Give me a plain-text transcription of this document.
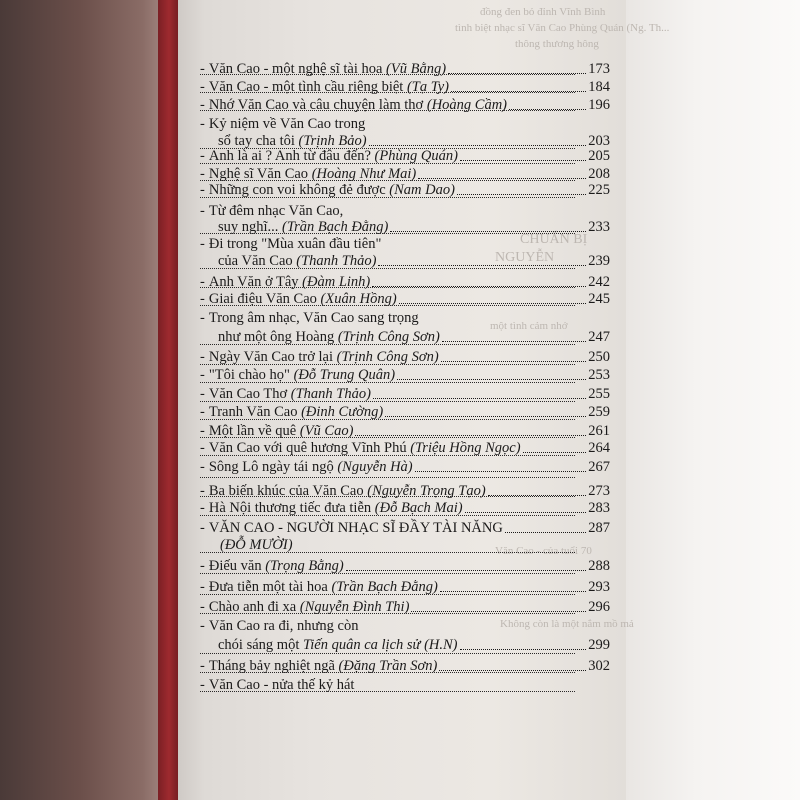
đồng đen bỏ đỉnh Vĩnh Bình
tình biệt nhạc sĩ Văn Cao Phùng Quán (Ng. Th...
thông thương hông
CHUẨN BỊ
NGUYỄN
một tình cảm nhớ
Văn Cao - của tuổi 70
Không còn là một nắm mồ mả
- Văn Cao - một nghệ sĩ tài hoa (Vũ Bằng)	173
- Văn Cao - một tình cầu riêng biệt (Tạ Ty)	184
- Nhớ Văn Cao và câu chuyện làm thơ (Hoàng Cầm)	196
- Kỷ niệm về Văn Cao trong
sổ tay cha tôi (Trịnh Bảo)	203
- Anh là ai ? Anh từ đâu đến? (Phùng Quán)	205
- Nghệ sĩ Văn Cao (Hoàng Như Mai)	208
- Những con voi không đẻ được (Nam Dao)	225
- Từ đêm nhạc Văn Cao,
suy nghĩ... (Trần Bạch Đằng)	233
- Đi trong "Mùa xuân đầu tiên"
của Văn Cao (Thanh Thảo)	239
- Anh Văn ở Tây (Đàm Linh)	242
- Giai điệu Văn Cao (Xuân Hồng)	245
- Trong âm nhạc, Văn Cao sang trọng
như một ông Hoàng (Trịnh Công Sơn)	247
- Ngày Văn Cao trở lại (Trịnh Công Sơn)	250
- "Tôi chào họ" (Đỗ Trung Quân)	253
- Văn Cao Thơ (Thanh Thảo)	255
- Tranh Văn Cao (Đinh Cường)	259
- Một lần về quê (Vũ Cao)	261
- Văn Cao với quê hương Vĩnh Phú (Triệu Hồng Ngọc)	264
- Sông Lô ngày tái ngộ (Nguyễn Hà)	267
- Ba biến khúc của Văn Cao (Nguyễn Trọng Tạo)	273
- Hà Nội thương tiếc đưa tiễn (Đỗ Bạch Mai)	283
- VĂN CAO - NGƯỜI NHẠC SĨ ĐẦY TÀI NĂNG	287
(ĐỖ MƯỜI)
- Điếu văn (Trọng Bằng)	288
- Đưa tiễn một tài hoa (Trần Bạch Đằng)	293
- Chào anh đi xa (Nguyễn Đình Thi)	296
- Văn Cao ra đi, nhưng còn
chói sáng một Tiến quân ca lịch sử (H.N)	299
- Tháng bảy nghiệt ngã (Đặng Trần Sơn)	302
- Văn Cao - nửa thế kỷ hát
